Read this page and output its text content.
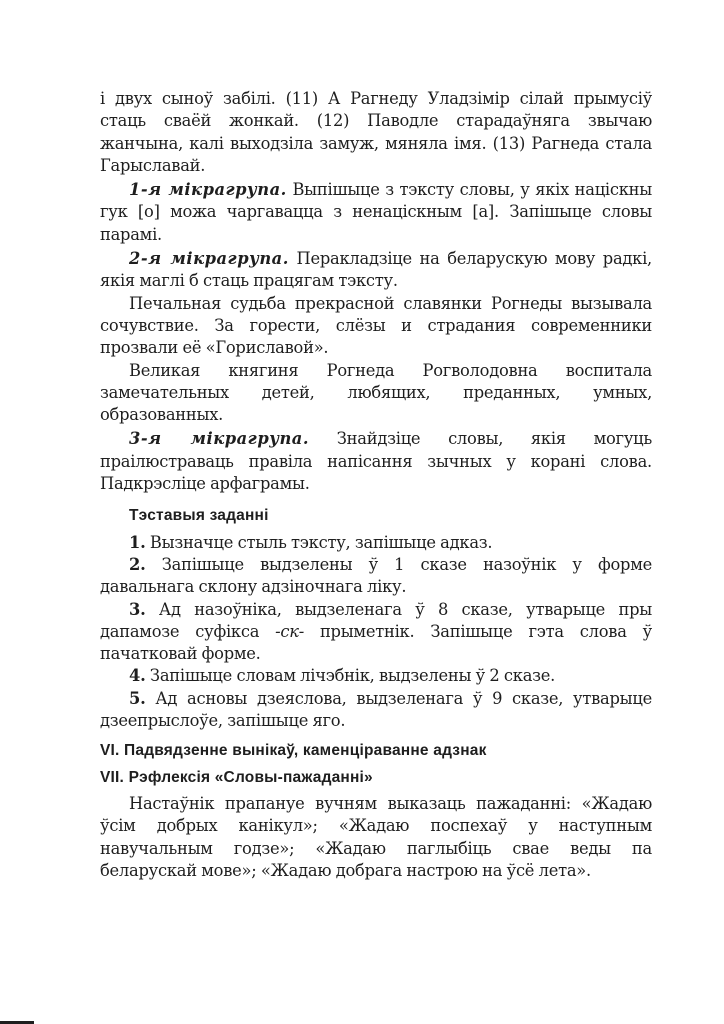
і двух сыноў забілі. (11) А Рагнеду Уладзімір сілай прымусіў стаць сваёй жонкай. (12) Паводле старадаўняга звычаю жанчына, калі выходзіла замуж, мяняла імя. (13) Рагнеда стала Гарыславай.

1-я мікрагрупа. Выпішыце з тэксту словы, у якіх націскны гук [о] можа чаргавацца з ненацiскным [а]. Запішыце словы парамі.

2-я мікрагрупа. Перакладзіце на беларускую мову радкі, якія маглі б стаць працягам тэксту.

Печальная судьба прекрасной славянки Рогнеды вызывала сочувствие. За горести, слёзы и страдания современники прозвали её «Гориславой».

Великая княгиня Рогнеда Рогволодовна воспитала замечательных детей, любящих, преданных, умных, образованных.

3-я мікрагрупа. Знайдзіце словы, якія могуць праілюстраваць правіла напісання зычных у корані слова. Падкрэсліце арфаграмы.

Тэставыя заданні

1. Вызначце стыль тэксту, запішыце адказ.

2. Запішыце выдзелены ў 1 сказе назоўнік у форме давальнага склону адзіночнага ліку.

3. Ад назоўніка, выдзеленага ў 8 сказе, утварыце пры дапамозе суфікса -ск- прыметнік. Запішыце гэта слова ў пачатковай форме.

4. Запішыце словам лічэбнік, выдзелены ў 2 сказе.

5. Ад асновы дзеяслова, выдзеленага ў 9 сказе, утварыце дзеепрыслоўе, запішыце яго.

VI. Падвядзенне вынікаў, каменціраванне адзнак

VII. Рэфлексія «Словы-пажаданні»

Настаўнік прапануе вучням выказаць пажаданні: «Жадаю ўсім добрых канікул»; «Жадаю поспехаў у наступным навучальным годзе»; «Жадаю паглыбіць свае веды па беларускай мове»; «Жадаю добрага настрою на ўсё лета».
